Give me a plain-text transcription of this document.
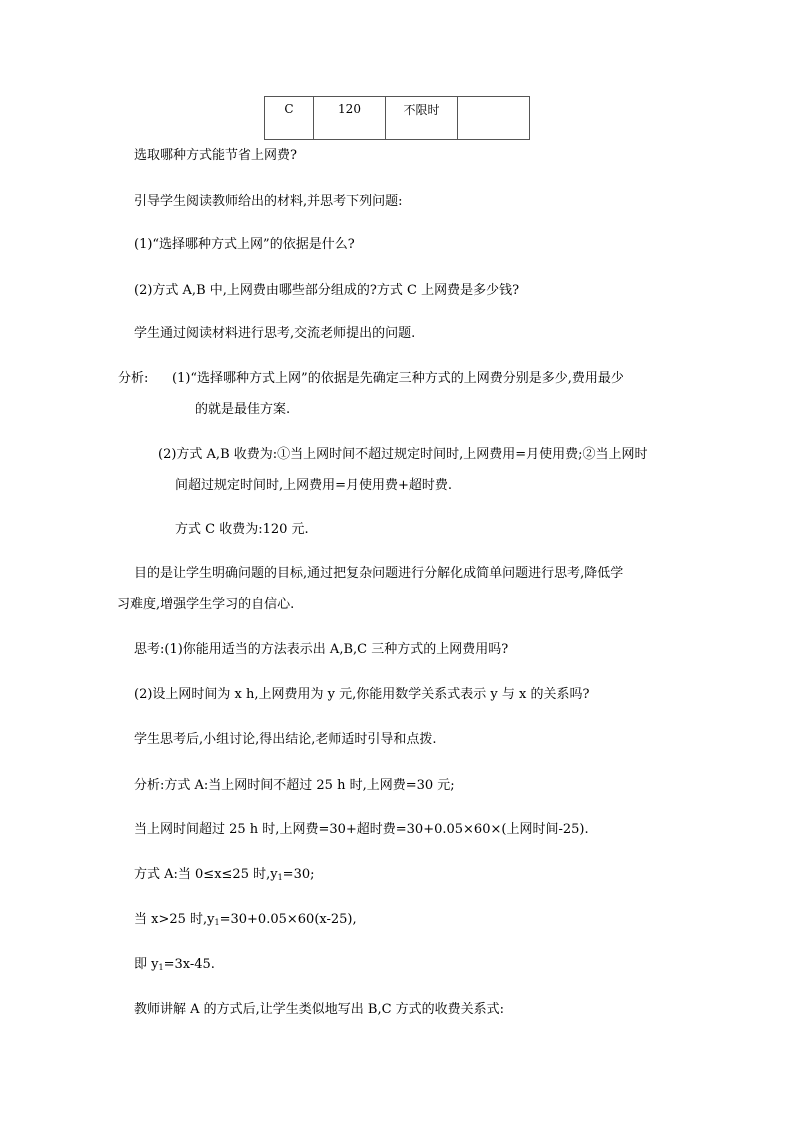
C	120	不限时	
选取哪种方式能节省上网费?
引导学生阅读教师给出的材料,并思考下列问题:
(1)“选择哪种方式上网”的依据是什么?
(2)方式 A,B 中,上网费由哪些部分组成的?方式 C 上网费是多少钱?
学生通过阅读材料进行思考,交流老师提出的问题.
分析: (1)“选择哪种方式上网”的依据是先确定三种方式的上网费分别是多少,费用最少
的就是最佳方案.
(2)方式 A,B 收费为:①当上网时间不超过规定时间时,上网费用=月使用费;②当上网时
间超过规定时间时,上网费用=月使用费+超时费.
方式 C 收费为:120 元.
目的是让学生明确问题的目标,通过把复杂问题进行分解化成简单问题进行思考,降低学
习难度,增强学生学习的自信心.
思考:(1)你能用适当的方法表示出 A,B,C 三种方式的上网费用吗?
(2)设上网时间为 x h,上网费用为 y 元,你能用数学关系式表示 y 与 x 的关系吗?
学生思考后,小组讨论,得出结论,老师适时引导和点拨.
分析:方式 A:当上网时间不超过 25 h 时,上网费=30 元;
当上网时间超过 25 h 时,上网费=30+超时费=30+0.05×60×(上网时间-25).
方式 A:当 0≤x≤25 时$,y_1=30$;
当 x>25 时$,y_1=30+0.05\times 60(x-25)$,
即 $y_1=3x-45$.
教师讲解 A 的方式后,让学生类似地写出 B,C 方式的收费关系式:
